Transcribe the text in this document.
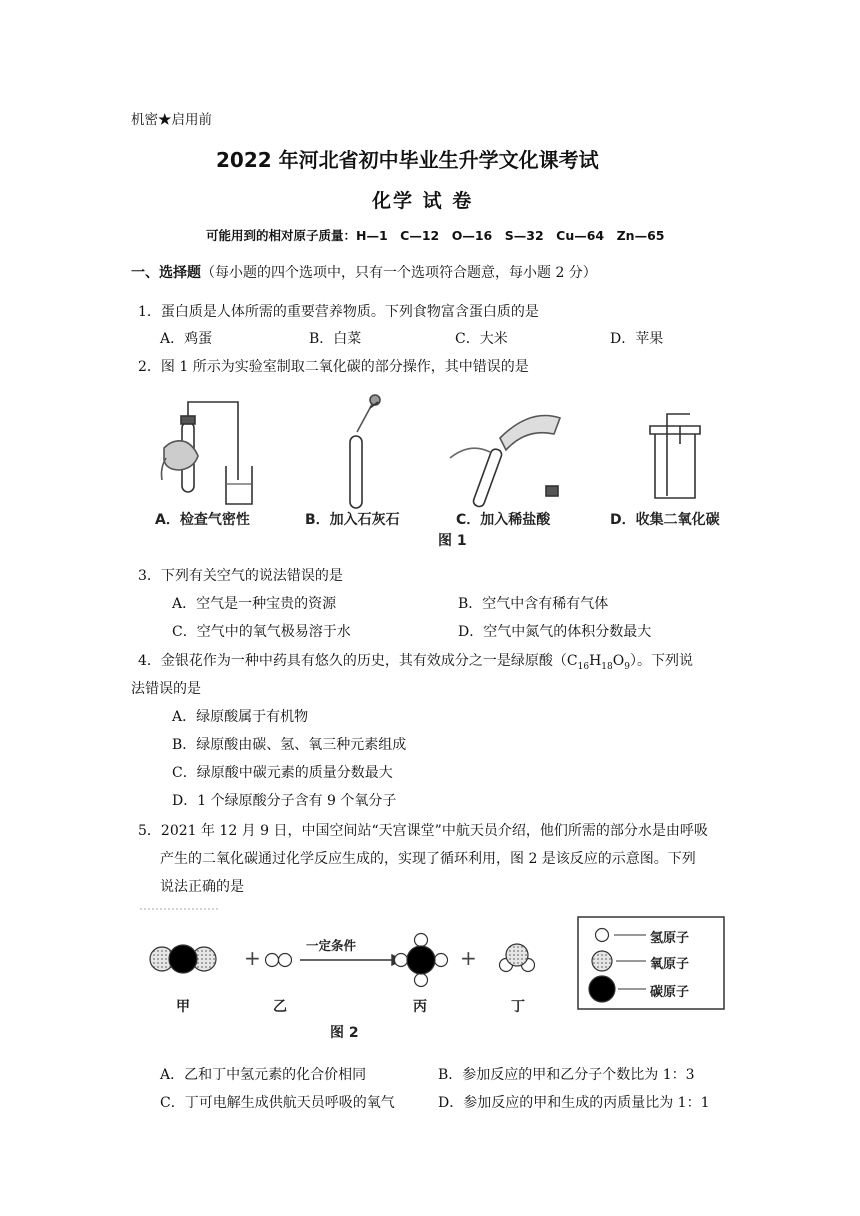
机密★启用前
2022 年河北省初中毕业生升学文化课考试
化学 试 卷
可能用到的相对原子质量：H—1　C—12　O—16　S—32　Cu—64　Zn—65
一、选择题（每小题的四个选项中，只有一个选项符合题意，每小题 2 分）
1．蛋白质是人体所需的重要营养物质。下列食物富含蛋白质的是
A．鸡蛋	B．白菜	C．大米	D．苹果
2．图 1 所示为实验室制取二氧化碳的部分操作，其中错误的是
A．检查气密性	B．加入石灰石	C．加入稀盐酸	D．收集二氧化碳
图 1
3．下列有关空气的说法错误的是
A．空气是一种宝贵的资源	B．空气中含有稀有气体
C．空气中的氧气极易溶于水	D．空气中氮气的体积分数最大
4．金银花作为一种中药具有悠久的历史，其有效成分之一是绿原酸$(C_{16}H_{18}O_9)$。下列说
法错误的是
A．绿原酸属于有机物
B．绿原酸由碳、氢、氧三种元素组成
C．绿原酸中碳元素的质量分数最大
D．1 个绿原酸分子含有 9 个氧分子
5．2021 年 12 月 9 日，中国空间站“天宫课堂”中航天员介绍，他们所需的部分水是由呼吸
产生的二氧化碳通过化学反应生成的，实现了循环利用，图 2 是该反应的示意图。下列
说法正确的是
+	+
一定条件
甲	乙	丙	丁
氢原子
氧原子
碳原子
图 2
A．乙和丁中氢元素的化合价相同	B．参加反应的甲和乙分子个数比为 1：3
C．丁可电解生成供航天员呼吸的氧气	D．参加反应的甲和生成的丙质量比为 1：1
